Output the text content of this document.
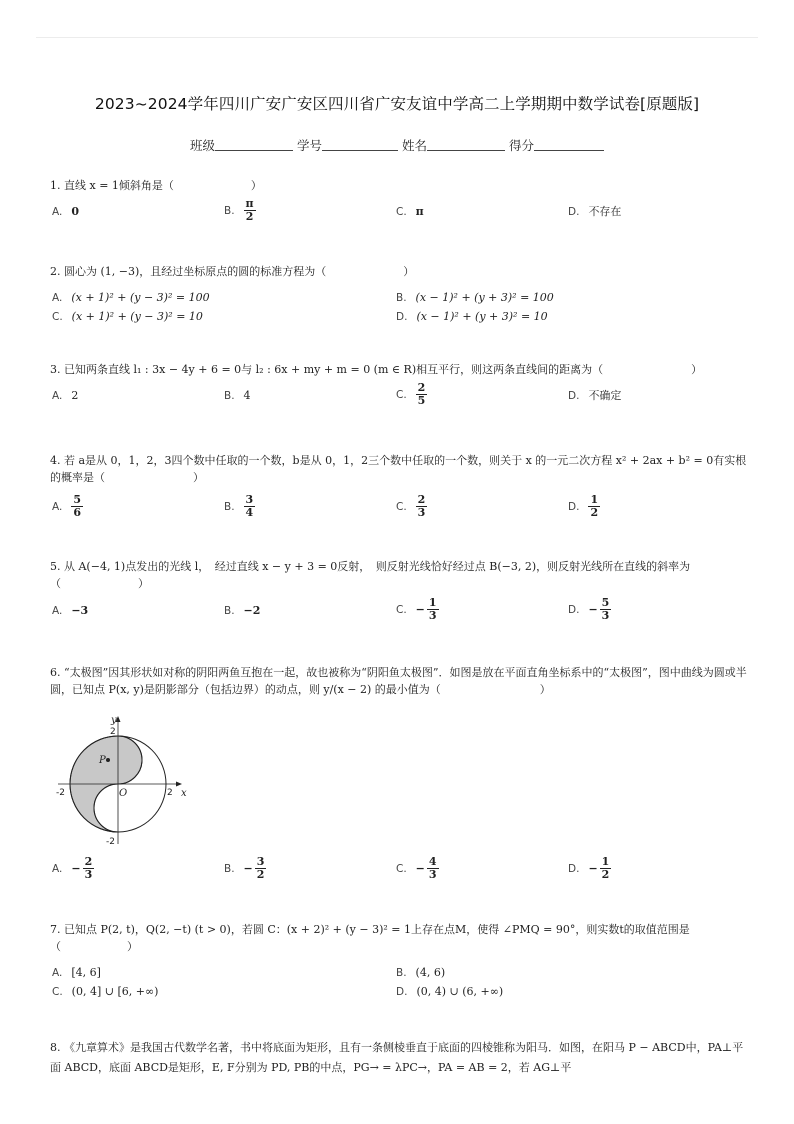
2023~2024学年四川广安广安区四川省广安友谊中学高二上学期期中数学试卷[原题版]
班级	学号	姓名	得分
1. 直线 x = 1倾斜角是（　　　　　　　）
A. 0	B. $\frac{\pi}{2}$	C. π	D. 不存在
2. 圆心为 (1, −3)，且经过坐标原点的圆的标准方程为（　　　　　　　）
A. (x + 1)² + (y − 3)² = 100	B. (x − 1)² + (y + 3)² = 100
C. (x + 1)² + (y − 3)² = 10	D. (x − 1)² + (y + 3)² = 10
3. 已知两条直线 l₁ : 3x − 4y + 6 = 0与 l₂ : 6x + my + m = 0 (m ∈ R)相互平行，则这两条直线间的距离为（　　　　　　　　）
A. 2	B. 4	C. $\frac{2}{5}$	D. 不确定
4. 若 a是从 0，1，2，3四个数中任取的一个数，b是从 0，1，2三个数中任取的一个数，则关于 x 的一元二次方程 x² + 2ax + b² = 0有实根的概率是（　　　　　　　　）
A. $\frac{5}{6}$	B. $\frac{3}{4}$	C. $\frac{2}{3}$	D. $\frac{1}{2}$
5. 从 A(−4, 1)点发出的光线 l，　经过直线 x − y + 3 = 0反射，　则反射光线恰好经过点 B(−3, 2)，则反射光线所在直线的斜率为（　　　　　　　）
A. −3	B. −2	C. − $\frac{1}{3}$	D. − $\frac{5}{3}$
6. “太极图”因其形状如对称的阴阳两鱼互抱在一起，故也被称为“阴阳鱼太极图”．如图是放在平面直角坐标系中的“太极图”，图中曲线为圆或半圆，已知点 P(x, y)是阴影部分（包括边界）的动点，则 y/(x − 2) 的最小值为（　　　　　　　　　）
y
x
O
P
2
-2
-2	2
A. − $\frac{2}{3}$	B. − $\frac{3}{2}$	C. − $\frac{4}{3}$	D. − $\frac{1}{2}$
7. 已知点 P(2, t)，Q(2, −t) (t > 0)，若圆 C：(x + 2)² + (y − 3)² = 1上存在点M，使得 ∠PMQ = 90°，则实数t的取值范围是（　　　　　　）
A. [4, 6]	B. (4, 6)
C. (0, 4] ∪ [6, +∞)	D. (0, 4) ∪ (6, +∞)
8. 《九章算术》是我国古代数学名著，书中将底面为矩形，且有一条侧棱垂直于底面的四棱锥称为阳马．如图，在阳马 P − ABCD中，PA⊥平面 ABCD，底面 ABCD是矩形，E, F分别为 PD, PB的中点，PG→ = λPC→，PA = AB = 2，若 AG⊥平
